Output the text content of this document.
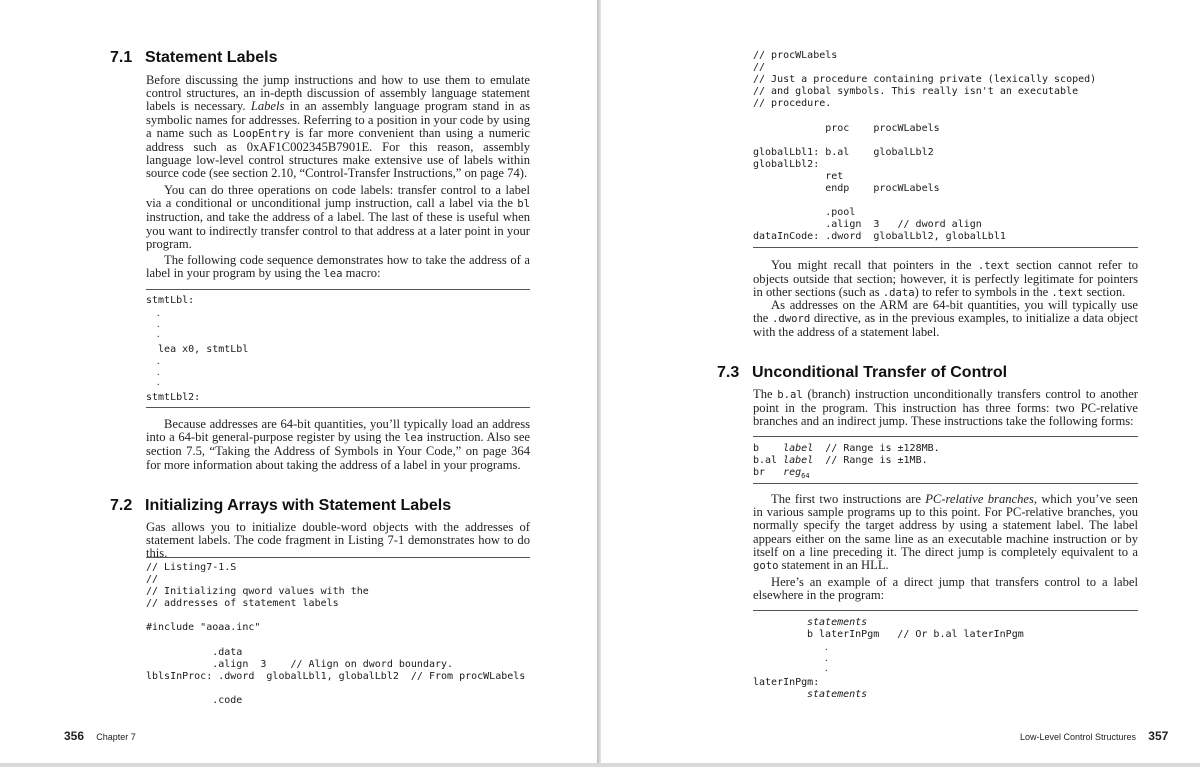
7.1 Statement Labels

Before discussing the jump instructions and how to use them to emulate control structures, an in-depth discussion of assembly language statement labels is necessary. Labels in an assembly language program stand in as symbolic names for addresses. Referring to a position in your code by using a name such as LoopEntry is far more convenient than using a numeric address such as 0xAF1C002345B7901E. For this reason, assembly language low-level control structures make extensive use of labels within source code (see section 2.10, “Control-Transfer Instructions,” on page 74).

You can do three operations on code labels: transfer control to a label via a conditional or unconditional jump instruction, call a label via the bl instruction, and take the address of a label. The last of these is useful when you want to indirectly transfer control to that address at a later point in your program.

The following code sequence demonstrates how to take the address of a label in your program by using the lea macro:

stmtLbl:
.
.
.
lea x0, stmtLbl
.
.
.
stmtLbl2:

Because addresses are 64-bit quantities, you’ll typically load an address into a 64-bit general-purpose register by using the lea instruction. Also see section 7.5, “Taking the Address of Symbols in Your Code,” on page 364 for more information about taking the address of a label in your programs.

7.2 Initializing Arrays with Statement Labels

Gas allows you to initialize double-word objects with the addresses of statement labels. The code fragment in Listing 7-1 demonstrates how to do this.

// Listing7-1.S
//
// Initializing qword values with the
// addresses of statement labels

#include "aoaa.inc"

.data
.align  3    // Align on dword boundary.
lblsInProc: .dword  globalLbl1, globalLbl2  // From procWLabels

.code
356 Chapter 7
// procWLabels
//
// Just a procedure containing private (lexically scoped)
// and global symbols. This really isn't an executable
// procedure.

proc    procWLabels

globalLbl1: b.al    globalLbl2
globalLbl2:
ret
endp    procWLabels

.pool
.align  3   // dword align
dataInCode: .dword  globalLbl2, globalLbl1

You might recall that pointers in the .text section cannot refer to objects outside that section; however, it is perfectly legitimate for pointers in other sections (such as .data) to refer to symbols in the .text section.

As addresses on the ARM are 64-bit quantities, you will typically use the .dword directive, as in the previous examples, to initialize a data object with the address of a statement label.

7.3 Unconditional Transfer of Control

The b.al (branch) instruction unconditionally transfers control to another point in the program. This instruction has three forms: two PC-relative branches and an indirect jump. These instructions take the following forms:

b    label  // Range is ±128MB.
b.al label  // Range is ±1MB.
br   reg$_{64}$

The first two instructions are PC-relative branches, which you’ve seen in various sample programs up to this point. For PC-relative branches, you normally specify the target address by using a statement label. The label appears either on the same line as an executable machine instruction or by itself on a line preceding it. The direct jump is completely equivalent to a goto statement in an HLL.

Here’s an example of a direct jump that transfers control to a label elsewhere in the program:

statements
b laterInPgm   // Or b.al laterInPgm
.
.
.
laterInPgm:
statements
Low-Level Control Structures 357
